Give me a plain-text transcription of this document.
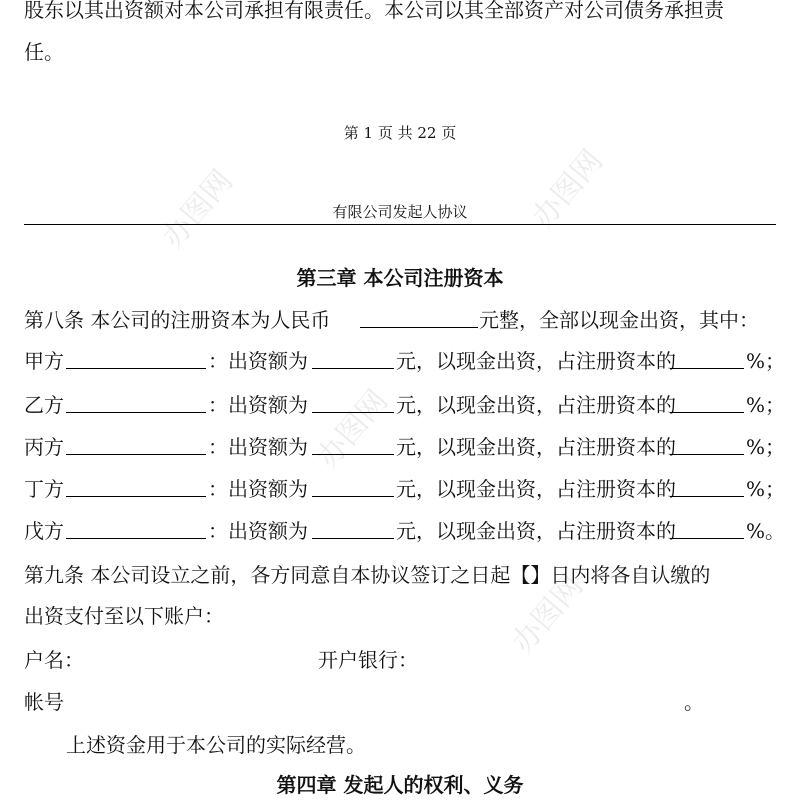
办图网	办图网
办图网
办图网
股东以其出资额对本公司承担有限责任。本公司以其全部资产对公司债务承担责
任。
第 1 页 共 22 页
有限公司发起人协议
第三章 本公司注册资本
第八条 本公司的注册资本为人民币	元整，全部以现金出资，其中：
甲方	：出资额为	元，以现金出资，占注册资本的	%；
乙方	：出资额为	元，以现金出资，占注册资本的	%；
丙方	：出资额为	元，以现金出资，占注册资本的	%；
丁方	：出资额为	元，以现金出资，占注册资本的	%；
戊方	：出资额为	元，以现金出资，占注册资本的	%。
第九条 本公司设立之前，各方同意自本协议签订之日起【】日内将各自认缴的
出资支付至以下账户：
户名：	开户银行：
帐号	。
上述资金用于本公司的实际经营。
第四章 发起人的权利、义务
